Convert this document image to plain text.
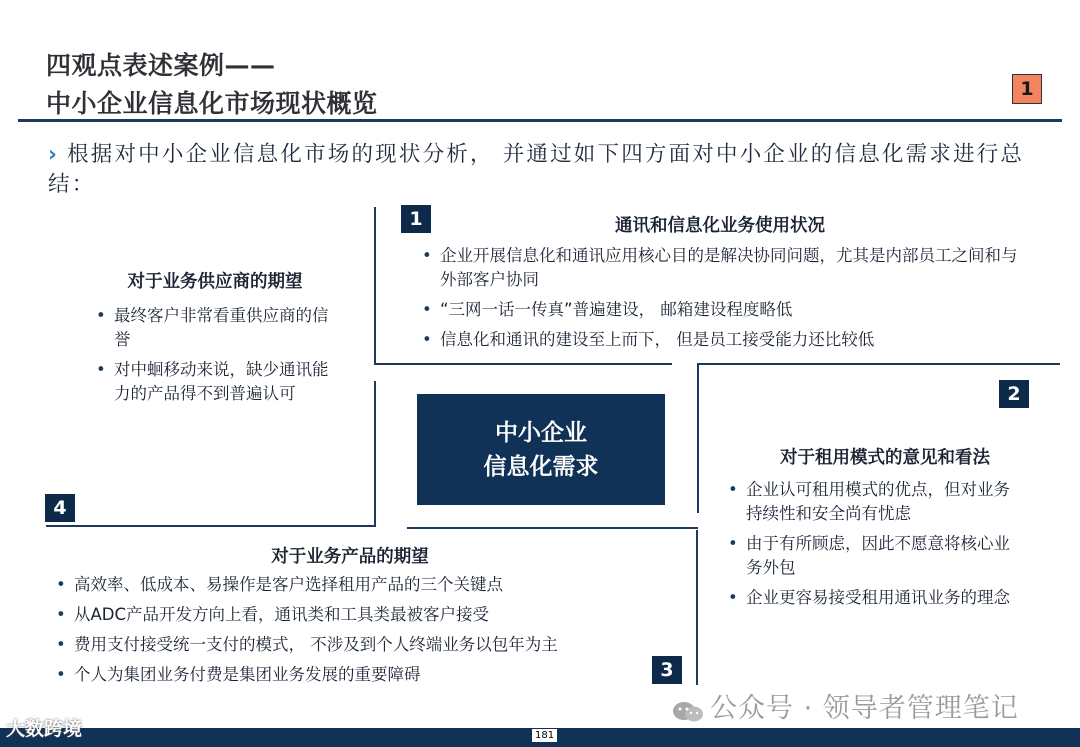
四观点表述案例——
中小企业信息化市场现状概览	1
› 根据对中小企业信息化市场的现状分析， 并通过如下四方面对中小企业的信息化需求进行总结：
1	通讯和信息化业务使用状况
• 企业开展信息化和通讯应用核心目的是解决协同问题，尤其是内部员工之间和与外部客户协同
• “三网一话一传真”普遍建设， 邮箱建设程度略低
• 信息化和通讯的建设至上而下， 但是员工接受能力还比较低
对于业务供应商的期望
• 最终客户非常看重供应商的信誉
• 对中蛔移动来说，缺少通讯能力的产品得不到普遍认可
4
中小企业
信息化需求
2
对于租用模式的意见和看法
• 企业认可租用模式的优点，但对业务持续性和安全尚有忧虑
• 由于有所顾虑，因此不愿意将核心业务外包
• 企业更容易接受租用通讯业务的理念
对于业务产品的期望
• 高效率、低成本、易操作是客户选择租用产品的三个关键点
• 从ADC产品开发方向上看，通讯类和工具类最被客户接受
• 费用支付接受统一支付的模式， 不涉及到个人终端业务以包年为主
• 个人为集团业务付费是集团业务发展的重要障碍	3
公众号 · 领导者管理笔记
181
大数跨境
